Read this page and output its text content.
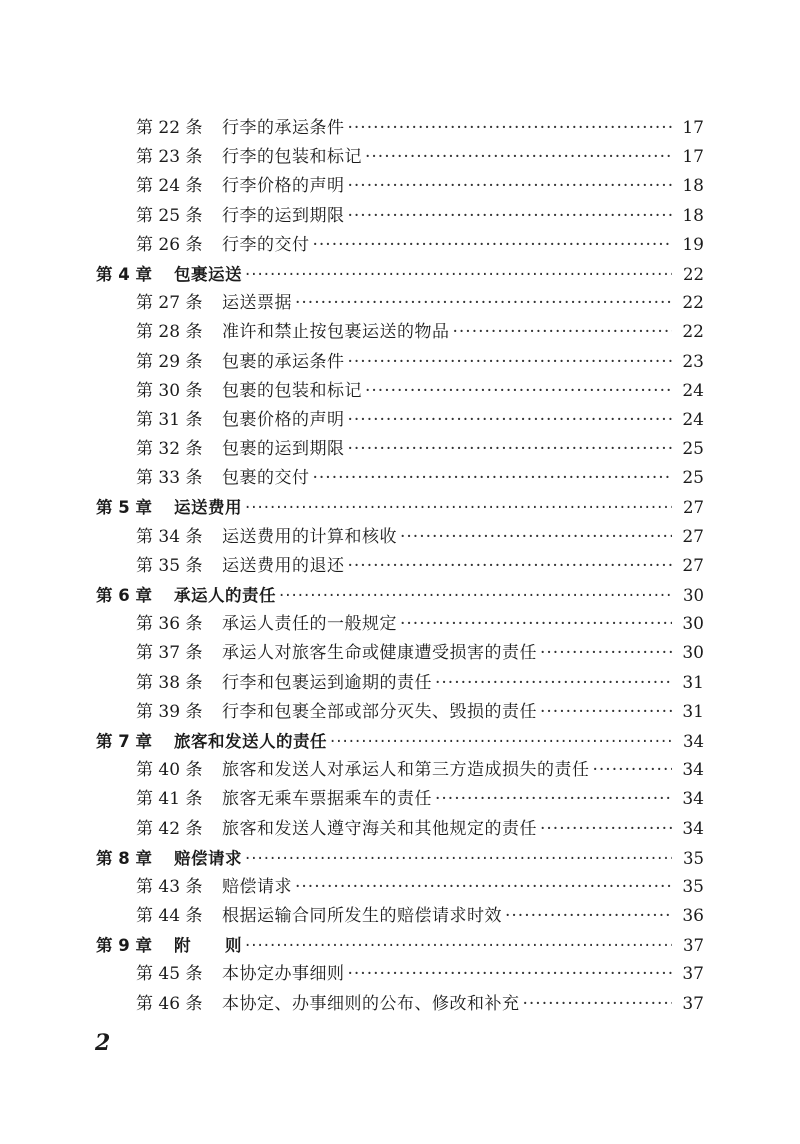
第 22 条	行李的承运条件 ·····	17
第 23 条	行李的包装和标记 ·····	17
第 24 条	行李价格的声明 ·····	18
第 25 条	行李的运到期限 ·····	18
第 26 条	行李的交付 ·····	19
第 4 章	包裹运送 ·····	22
第 27 条	运送票据 ·····	22
第 28 条	准许和禁止按包裹运送的物品 ·····	22
第 29 条	包裹的承运条件 ·····	23
第 30 条	包裹的包装和标记 ·····	24
第 31 条	包裹价格的声明 ·····	24
第 32 条	包裹的运到期限 ·····	25
第 33 条	包裹的交付 ·····	25
第 5 章	运送费用 ·····	27
第 34 条	运送费用的计算和核收 ·····	27
第 35 条	运送费用的退还 ·····	27
第 6 章	承运人的责任 ·····	30
第 36 条	承运人责任的一般规定 ·····	30
第 37 条	承运人对旅客生命或健康遭受损害的责任 ·····	30
第 38 条	行李和包裹运到逾期的责任 ·····	31
第 39 条	行李和包裹全部或部分灭失、毁损的责任 ·····	31
第 7 章	旅客和发送人的责任 ·····	34
第 40 条	旅客和发送人对承运人和第三方造成损失的责任 ·····	34
第 41 条	旅客无乘车票据乘车的责任 ·····	34
第 42 条	旅客和发送人遵守海关和其他规定的责任 ·····	34
第 8 章	赔偿请求 ·····	35
第 43 条	赔偿请求 ·····	35
第 44 条	根据运输合同所发生的赔偿请求时效 ·····	36
第 9 章	附　　则 ·····	37
第 45 条	本协定办事细则 ·····	37
第 46 条	本协定、办事细则的公布、修改和补充 ·····	37
2
